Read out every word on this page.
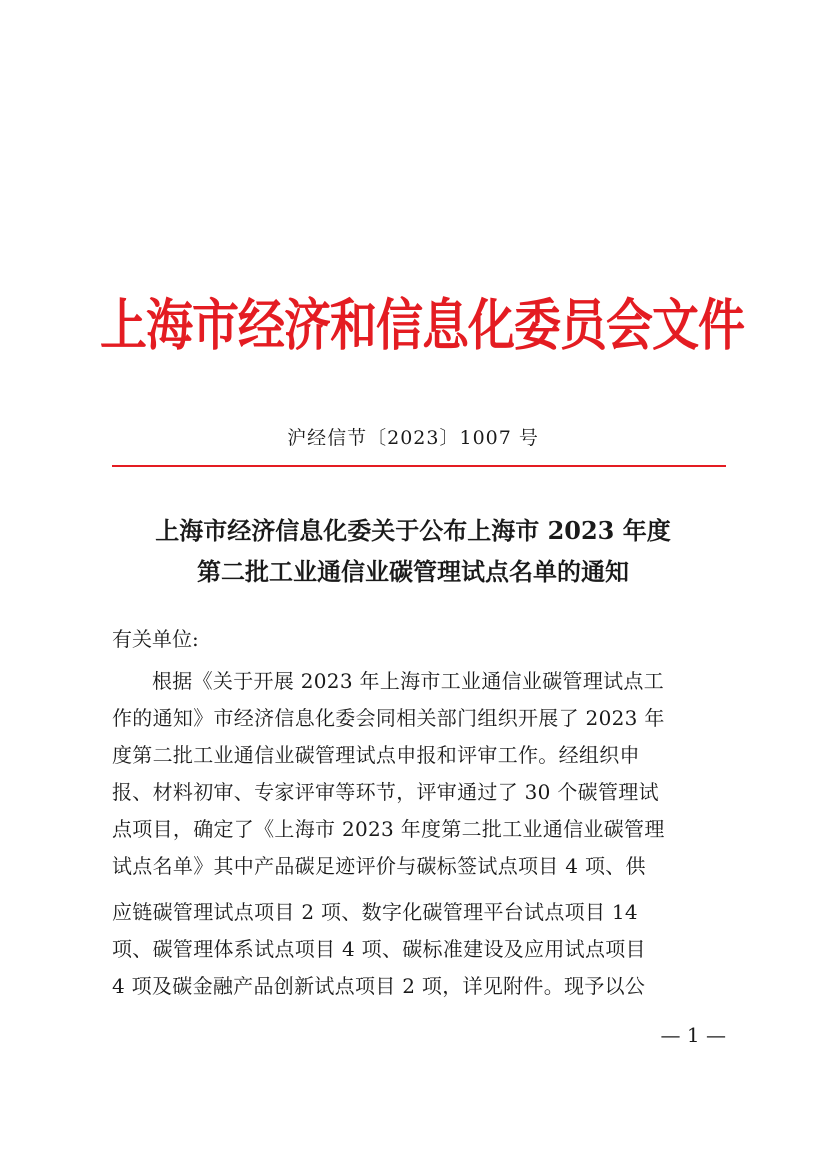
上海市经济和信息化委员会文件
沪经信节〔2023〕1007 号
上海市经济信息化委关于公布上海市 2023 年度
第二批工业通信业碳管理试点名单的通知
有关单位:
根据《关于开展 2023 年上海市工业通信业碳管理试点工
作的通知》市经济信息化委会同相关部门组织开展了 2023 年
度第二批工业通信业碳管理试点申报和评审工作。经组织申
报、材料初审、专家评审等环节，评审通过了 30 个碳管理试
点项目，确定了《上海市 2023 年度第二批工业通信业碳管理
试点名单》其中产品碳足迹评价与碳标签试点项目 4 项、供
应链碳管理试点项目 2 项、数字化碳管理平台试点项目 14
项、碳管理体系试点项目 4 项、碳标准建设及应用试点项目
4 项及碳金融产品创新试点项目 2 项，详见附件。现予以公
— 1 —
